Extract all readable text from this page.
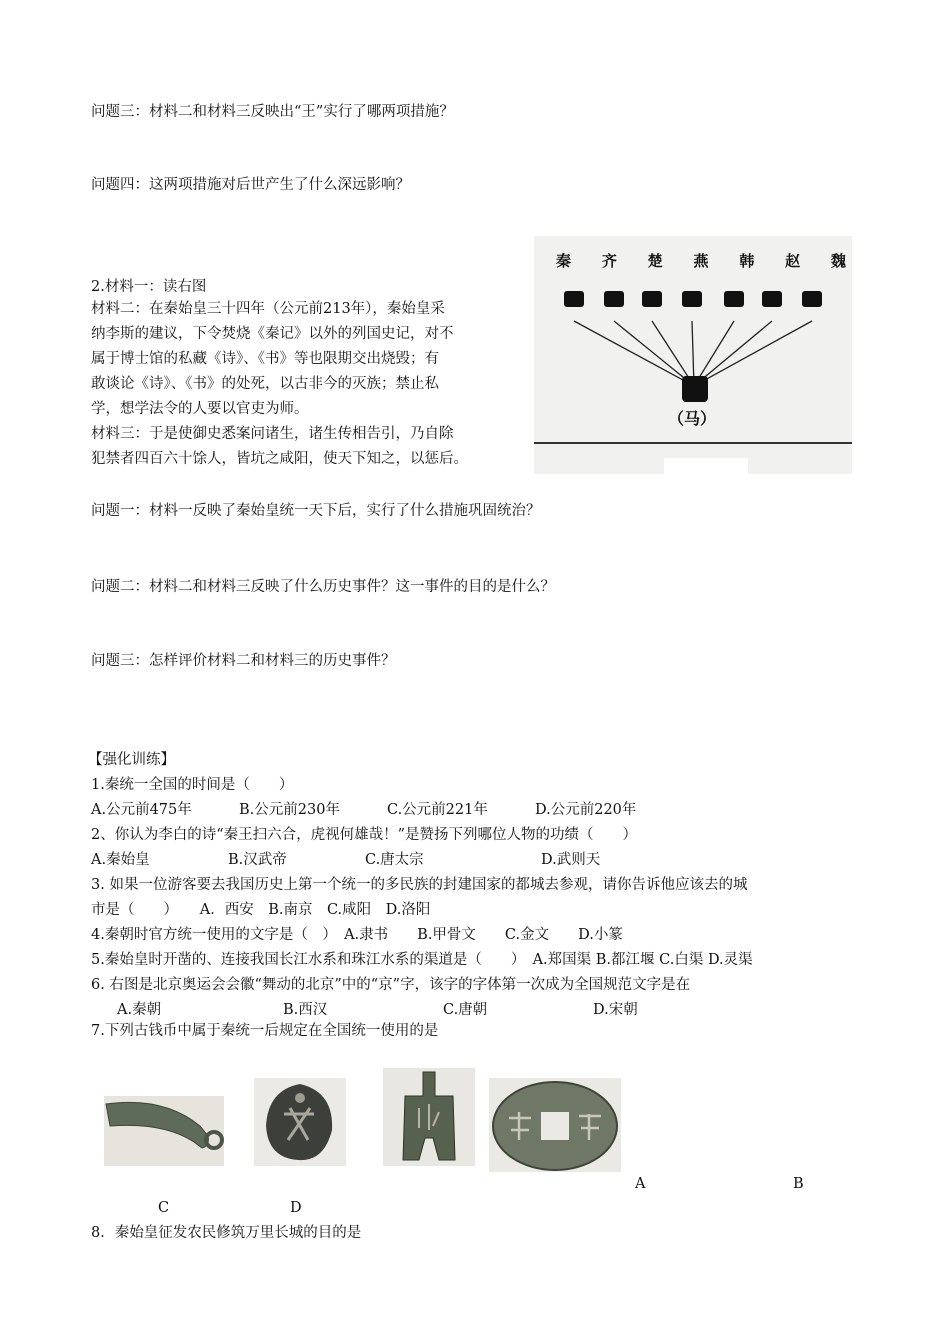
问题三：材料二和材料三反映出“王”实行了哪两项措施？
问题四：这两项措施对后世产生了什么深远影响？
2.材料一：读右图
材料二：在秦始皇三十四年（公元前213年），秦始皇采
纳李斯的建议，下令焚烧《秦记》以外的列国史记，对不
属于博士馆的私藏《诗》、《书》等也限期交出烧毁；有
敢谈论《诗》、《书》的处死，以古非今的灭族；禁止私
学，想学法令的人要以官吏为师。
材料三：于是使御史悉案问诸生，诸生传相告引，乃自除
犯禁者四百六十馀人，皆坑之咸阳，使天下知之，以惩后。
秦 齐 楚 燕 韩 赵 魏
（马）
问题一：材料一反映了秦始皇统一天下后，实行了什么措施巩固统治？
问题二：材料二和材料三反映了什么历史事件？这一事件的目的是什么？
问题三：怎样评价材料二和材料三的历史事件？
【强化训练】
1.秦统一全国的时间是（　　）
A.公元前475年	B.公元前230年	C.公元前221年	D.公元前220年
2、你认为李白的诗“秦王扫六合，虎视何雄哉！”是赞扬下列哪位人物的功绩（　　）
A.秦始皇	B.汉武帝	C.唐太宗	D.武则天
3. 如果一位游客要去我国历史上第一个统一的多民族的封建国家的都城去参观，请你告诉他应该去的城
市是（　　）　　A．西安　B.南京　C.咸阳　D.洛阳
4.秦朝时官方统一使用的文字是（　）　A.隶书　　B.甲骨文　　C.金文　　D.小篆
5.秦始皇时开凿的、连接我国长江水系和珠江水系的渠道是（　　）　A.郑国渠 B.都江堰 C.白渠 D.灵渠
6. 右图是北京奥运会会徽“舞动的北京”中的“京”字，该字的字体第一次成为全国规范文字是在
A.秦朝	B.西汉	C.唐朝	D.宋朝
7.下列古钱币中属于秦统一后规定在全国统一使用的是
A	B
C	D
8．秦始皇征发农民修筑万里长城的目的是
